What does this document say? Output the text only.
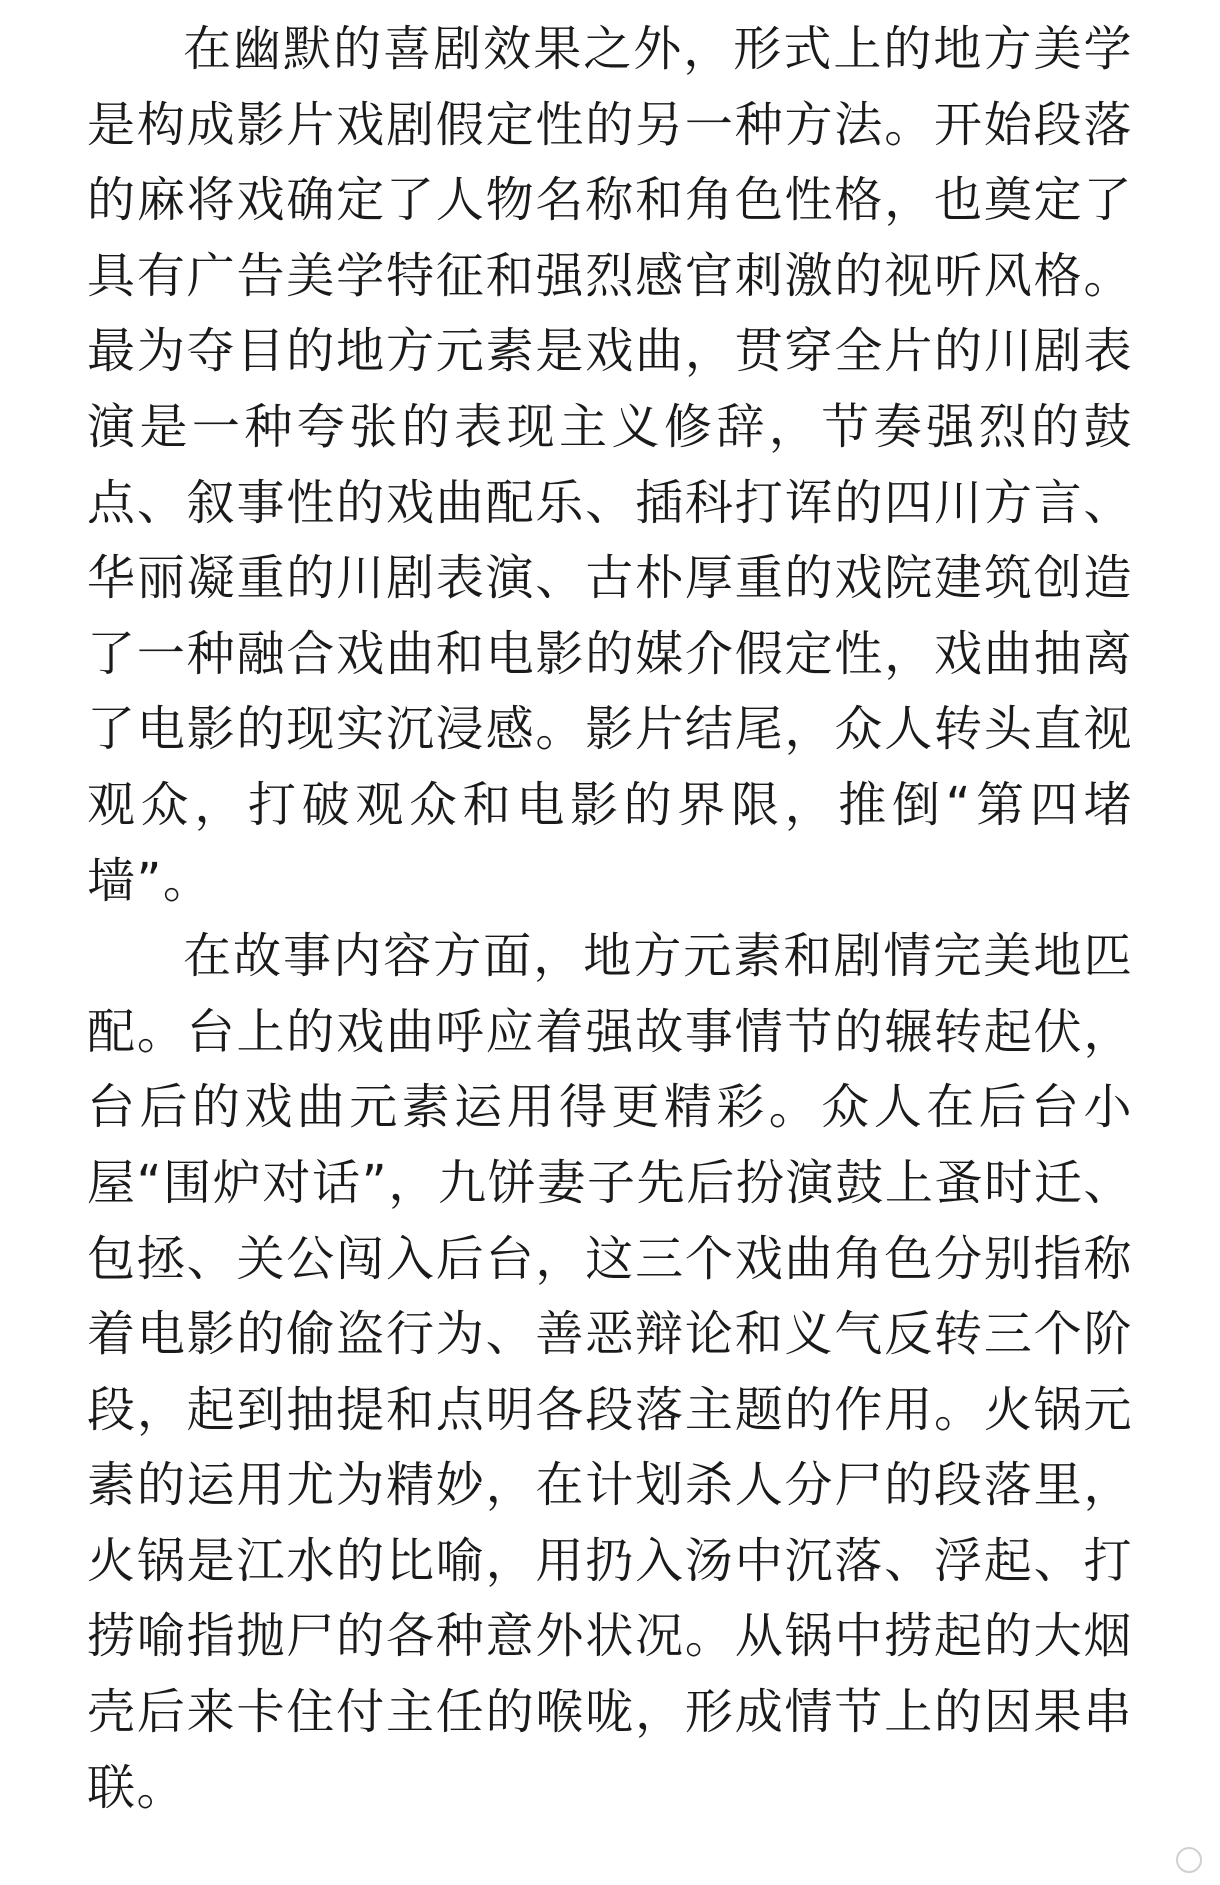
在幽默的喜剧效果之外，形式上的地方美学是构成影片戏剧假定性的另一种方法。开始段落的麻将戏确定了人物名称和角色性格，也奠定了具有广告美学特征和强烈感官刺激的视听风格。最为夺目的地方元素是戏曲，贯穿全片的川剧表演是一种夸张的表现主义修辞，节奏强烈的鼓点、叙事性的戏曲配乐、插科打诨的四川方言、华丽凝重的川剧表演、古朴厚重的戏院建筑创造了一种融合戏曲和电影的媒介假定性，戏曲抽离了电影的现实沉浸感。影片结尾，众人转头直视观众，打破观众和电影的界限，推倒“第四堵墙”。

在故事内容方面，地方元素和剧情完美地匹配。台上的戏曲呼应着强故事情节的辗转起伏，台后的戏曲元素运用得更精彩。众人在后台小屋“围炉对话”，九饼妻子先后扮演鼓上蚤时迁、包拯、关公闯入后台，这三个戏曲角色分别指称着电影的偷盗行为、善恶辩论和义气反转三个阶段，起到抽提和点明各段落主题的作用。火锅元素的运用尤为精妙，在计划杀人分尸的段落里，火锅是江水的比喻，用扔入汤中沉落、浮起、打捞喻指抛尸的各种意外状况。从锅中捞起的大烟壳后来卡住付主任的喉咙，形成情节上的因果串联。
